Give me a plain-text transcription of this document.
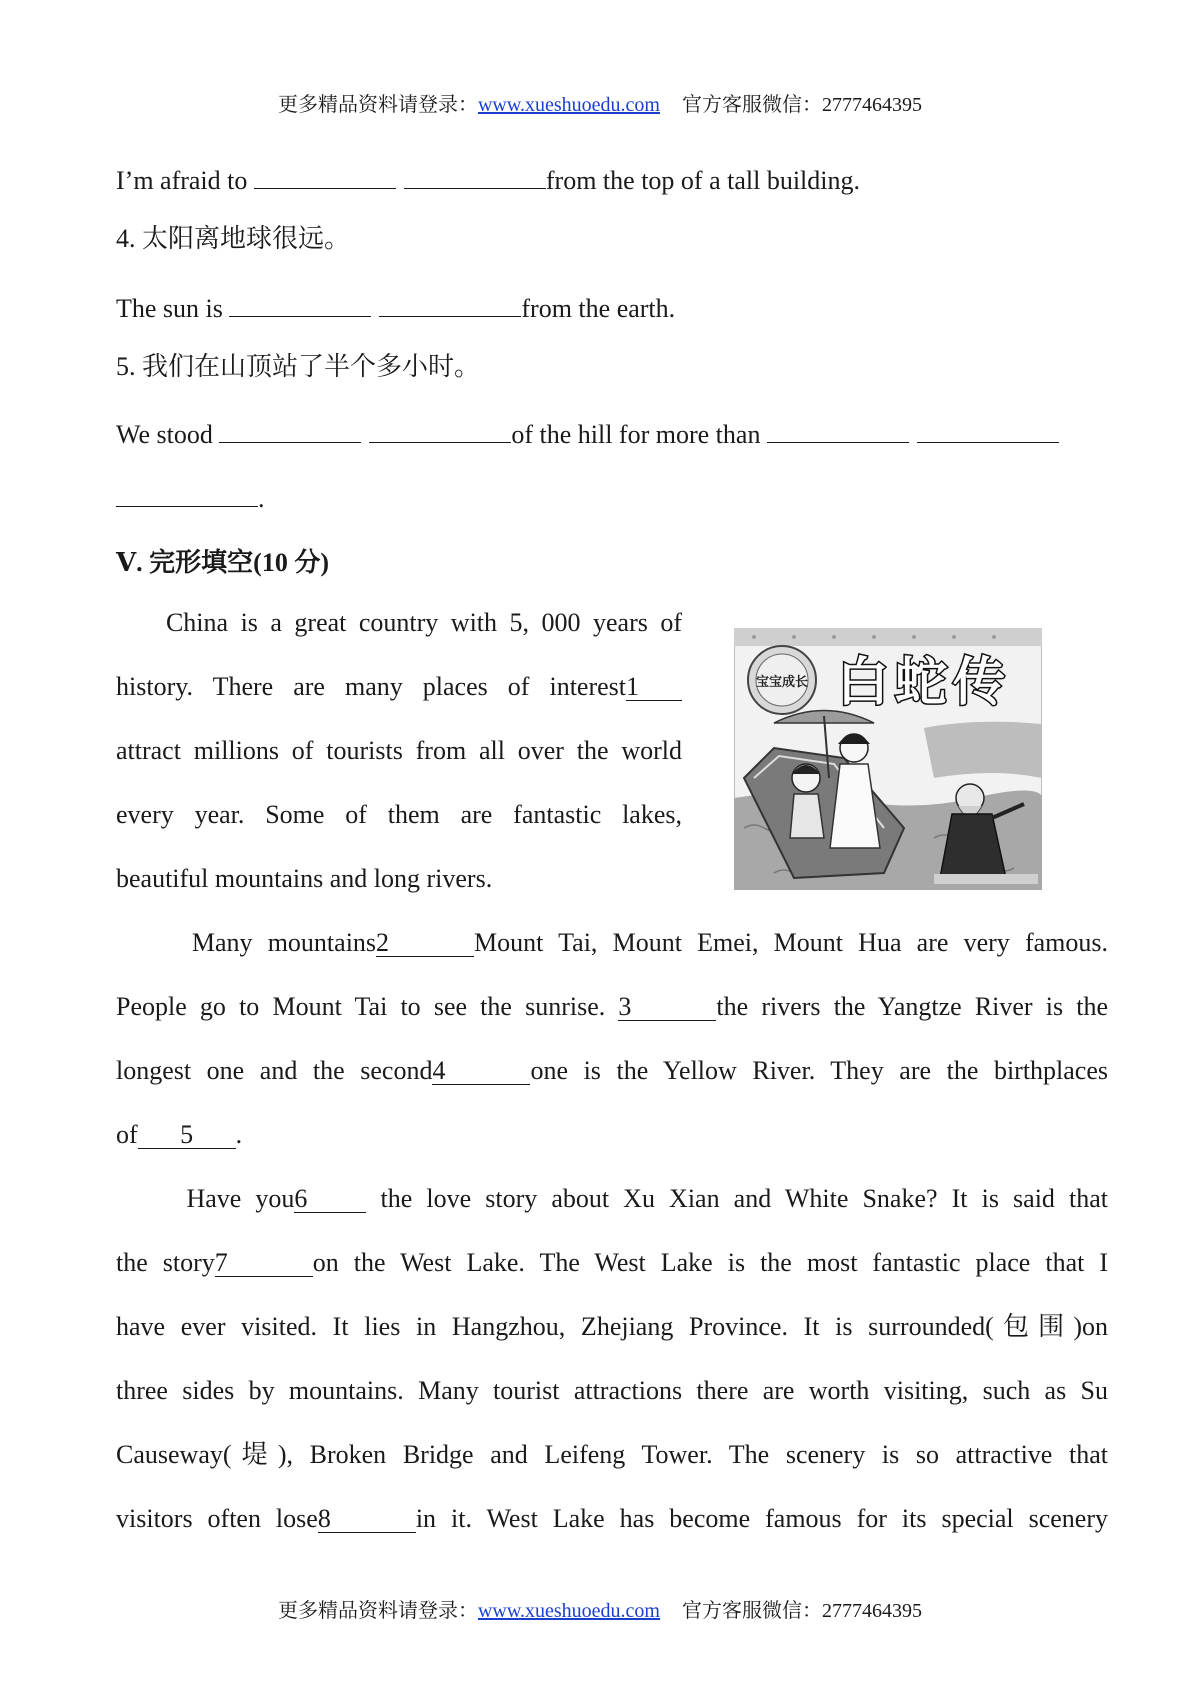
更多精品资料请登录：www.xueshuoedu.com 官方客服微信：2777464395
I’m afraid to	from the top of a tall building.
4. 太阳离地球很远。
The sun is	from the earth.
5. 我们在山顶站了半个多小时。
We stood	of the hill for more than
.
Ⅴ. 完形填空(10 分)
China is a great country with 5, 000 years of
history. There are many places of interest1
attract millions of tourists from all over the world
every year. Some of them are fantastic lakes,
beautiful mountains and long rivers.
宝宝成长 白蛇传
Many mountains2	Mount Tai, Mount Emei, Mount Hua are very famous.
People go to Mount Tai to see the sunrise. 3	the rivers the Yangtze River is the
longest one and the second4	one is the Yellow River. They are the birthplaces
of 5 .
Have you6	the love story about Xu Xian and White Snake? It is said that
the story7	on the West Lake. The West Lake is the most fantastic place that I
have ever visited. It lies in Hangzhou, Zhejiang Province. It is surrounded(包围)on
three sides by mountains. Many tourist attractions there are worth visiting, such as Su
Causeway(堤), Broken Bridge and Leifeng Tower. The scenery is so attractive that
visitors often lose8	in it. West Lake has become famous for its special scenery
更多精品资料请登录：www.xueshuoedu.com 官方客服微信：2777464395
